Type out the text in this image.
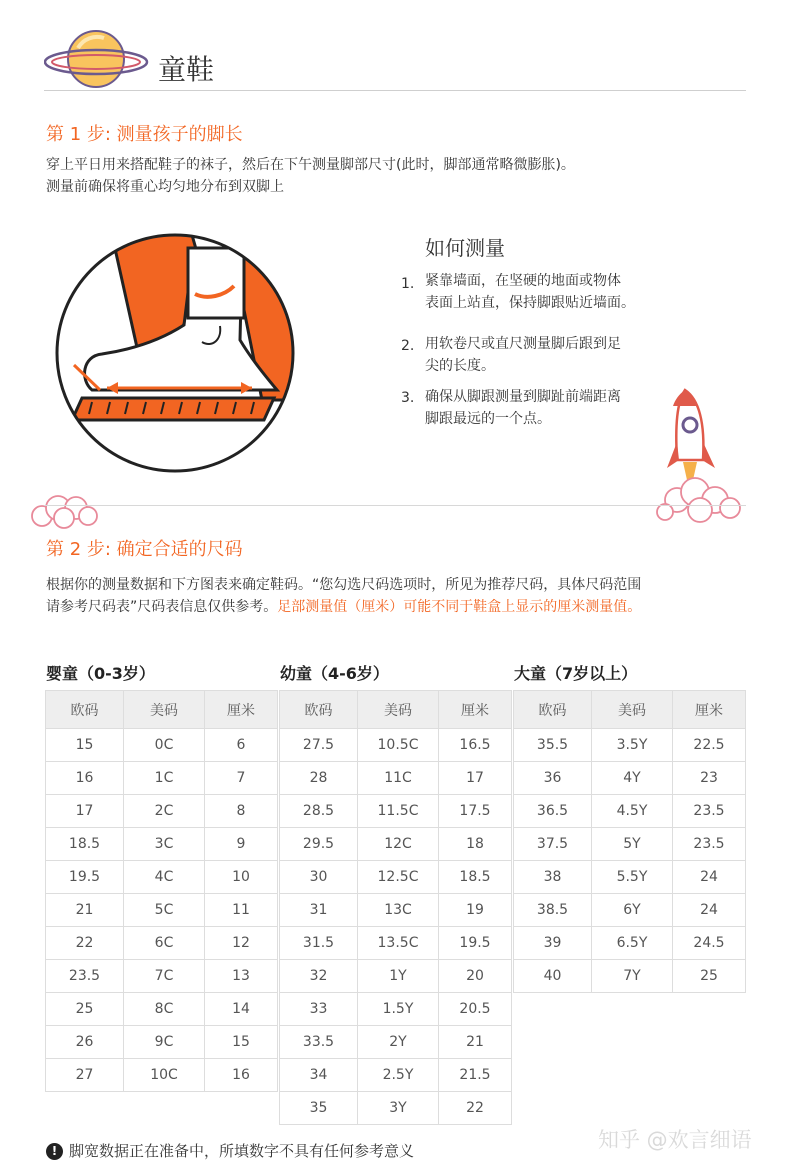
童鞋
第 1 步: 测量孩子的脚长
穿上平日用来搭配鞋子的袜子，然后在下午测量脚部尺寸(此时，脚部通常略微膨胀)。
测量前确保将重心均匀地分布到双脚上
如何测量
1. 紧靠墙面，在坚硬的地面或物体
表面上站直，保持脚跟贴近墙面。
2. 用软卷尺或直尺测量脚后跟到足
尖的长度。
3. 确保从脚跟测量到脚趾前端距离
脚跟最远的一个点。
第 2 步: 确定合适的尺码
根据你的测量数据和下方图表来确定鞋码。“您勾选尺码选项时，所见为推荐尺码，具体尺码范围
请参考尺码表”尺码表信息仅供参考。足部测量值（厘米）可能不同于鞋盒上显示的厘米测量值。
婴童（0-3岁）	幼童（4-6岁）	大童（7岁以上）
欧码	美码	厘米
15	0C	6
16	1C	7
17	2C	8
18.5	3C	9
19.5	4C	10
21	5C	11
22	6C	12
23.5	7C	13
25	8C	14
26	9C	15
27	10C	16
欧码	美码	厘米
27.5	10.5C	16.5
28	11C	17
28.5	11.5C	17.5
29.5	12C	18
30	12.5C	18.5
31	13C	19
31.5	13.5C	19.5
32	1Y	20
33	1.5Y	20.5
33.5	2Y	21
34	2.5Y	21.5
35	3Y	22
欧码	美码	厘米
35.5	3.5Y	22.5
36	4Y	23
36.5	4.5Y	23.5
37.5	5Y	23.5
38	5.5Y	24
38.5	6Y	24
39	6.5Y	24.5
40	7Y	25
! 脚宽数据正在准备中，所填数字不具有任何参考意义	知乎 @欢言细语
